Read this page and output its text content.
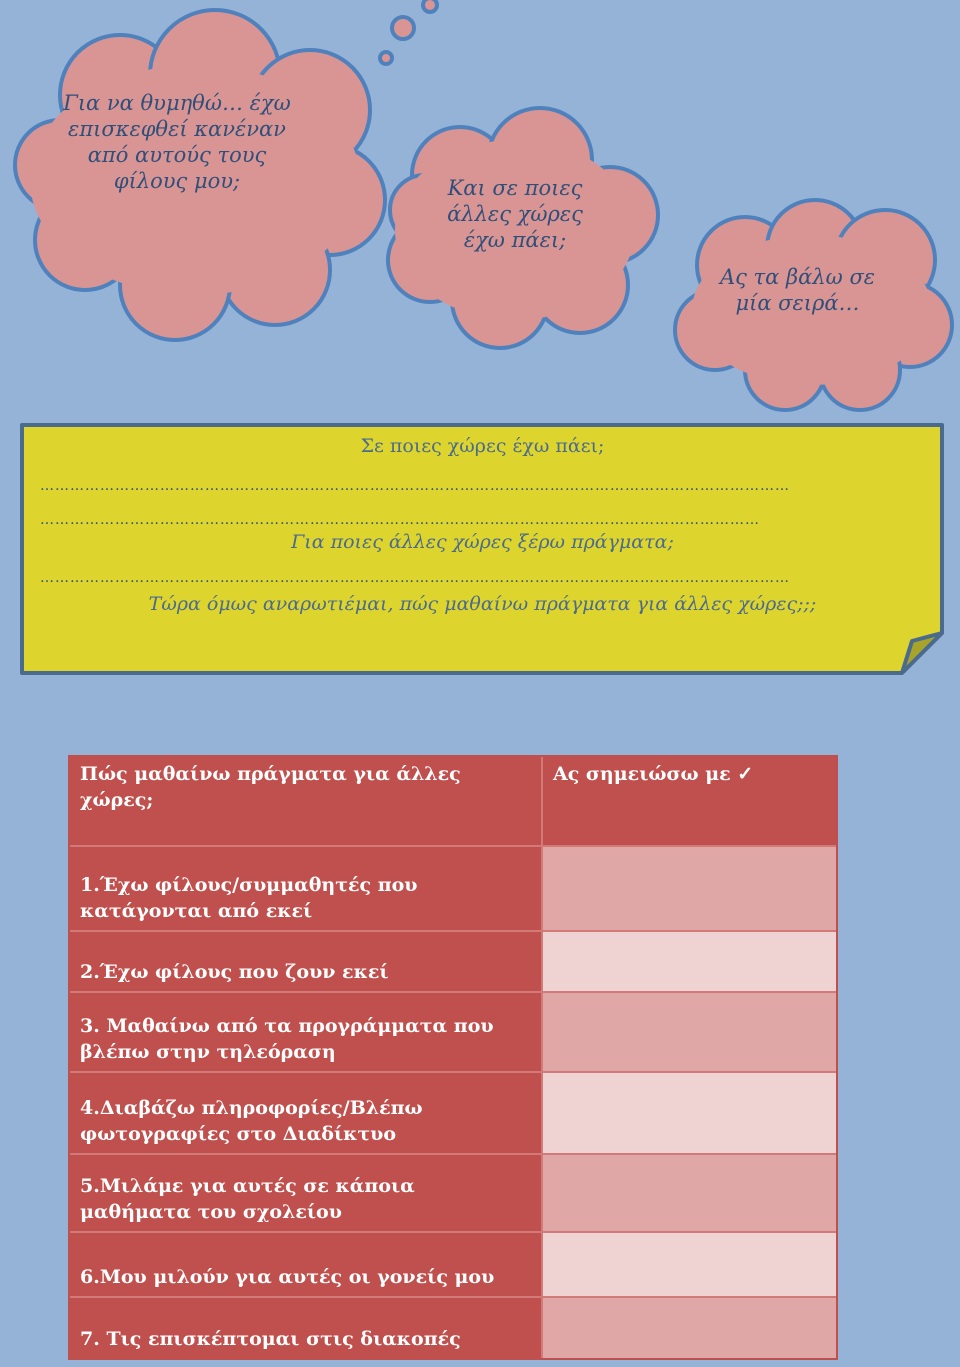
Για να θυμηθώ… έχω
επισκεφθεί κανέναν
από αυτούς τους
φίλους μου;	Και σε ποιες
άλλες χώρες
έχω πάει;
Ας τα βάλω σε
μία σειρά…
Σε ποιες χώρες έχω πάει;
……………………………………………………………………………………………………………………………………
………………………………………………………………………………………………………………………………
Για ποιες άλλες χώρες ξέρω πράγματα;
……………………………………………………………………………………………………………………………………
Τώρα όμως αναρωτιέμαι, πώς μαθαίνω πράγματα για άλλες χώρες;;;
Πώς μαθαίνω πράγματα για άλλες χώρες;
Ας σημειώσω με ✓
1.Έχω φίλους/συμμαθητές που κατάγονται από εκεί
2.Έχω φίλους που ζουν εκεί
3. Μαθαίνω από τα προγράμματα που βλέπω στην τηλεόραση
4.Διαβάζω πληροφορίες/Βλέπω φωτογραφίες στο Διαδίκτυο
5.Μιλάμε για αυτές σε κάποια μαθήματα του σχολείου
6.Μου μιλούν για αυτές οι γονείς μου
7. Τις επισκέπτομαι στις διακοπές
